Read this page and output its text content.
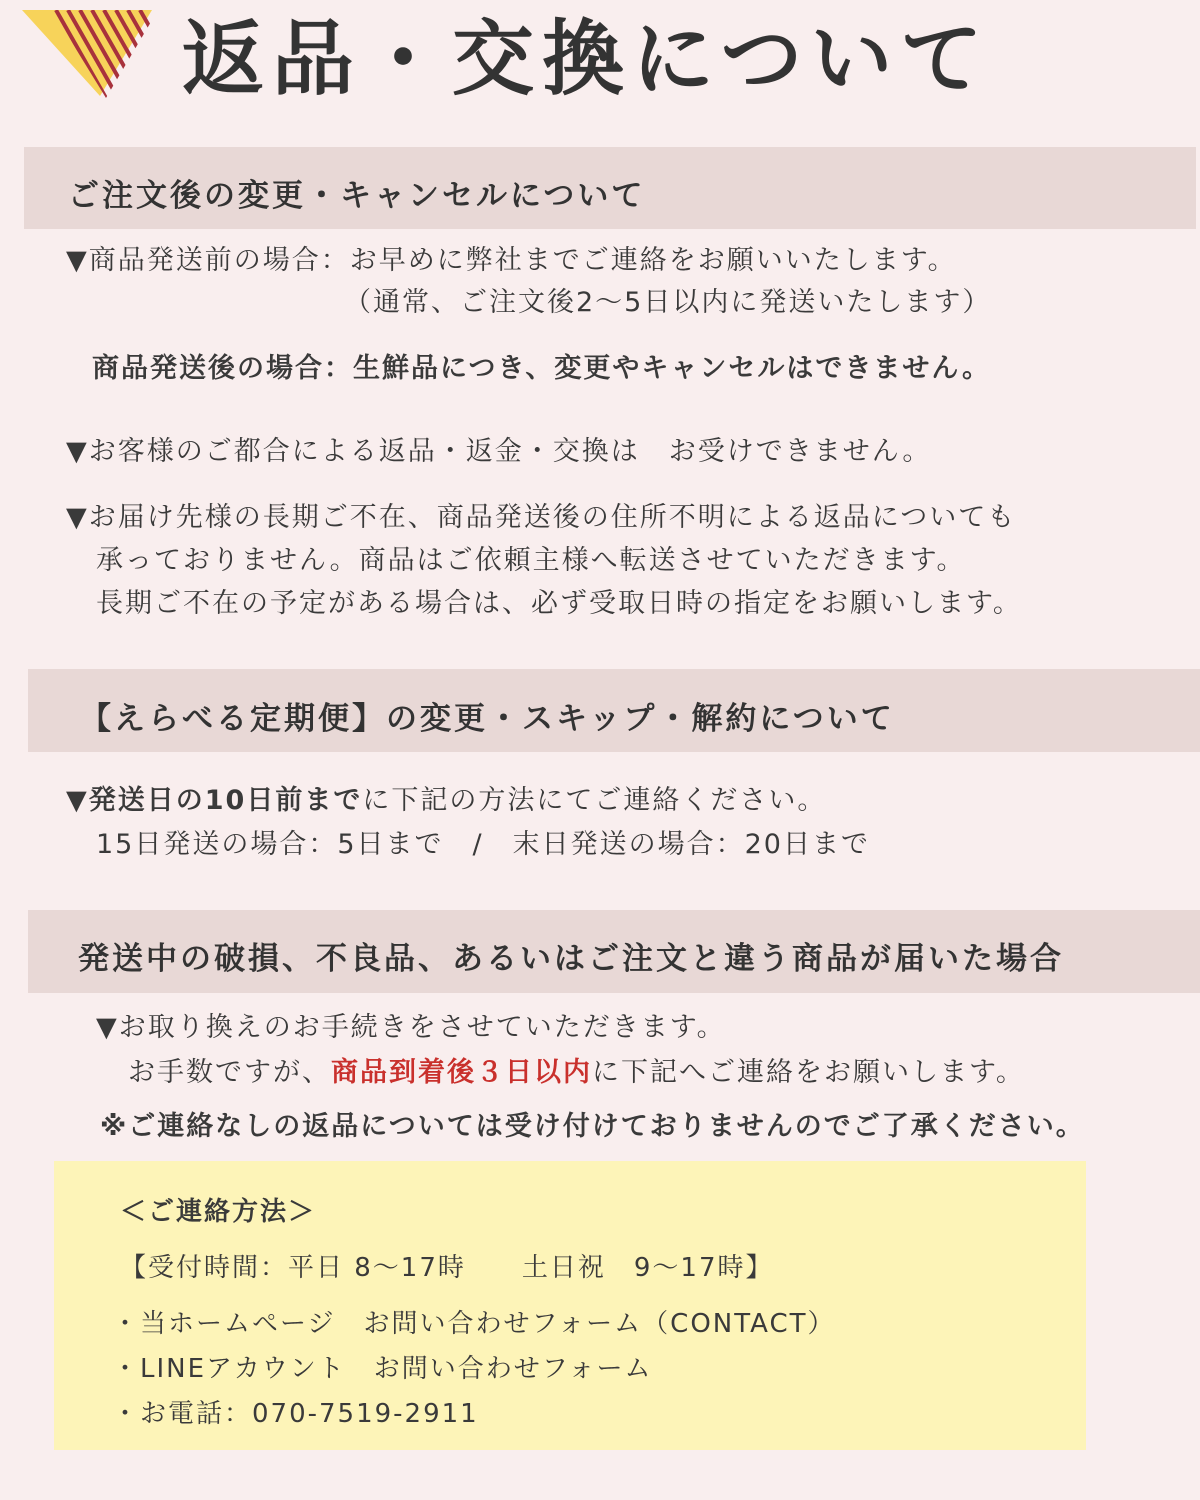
返品・交換について
ご注文後の変更・キャンセルについて
▼商品発送前の場合：お早めに弊社までご連絡をお願いいたします。
（通常、ご注文後2〜5日以内に発送いたします）
商品発送後の場合：生鮮品につき、変更やキャンセルはできません。
▼お客様のご都合による返品・返金・交換は　お受けできません。
▼お届け先様の長期ご不在、商品発送後の住所不明による返品についても
承っておりません。商品はご依頼主様へ転送させていただきます。
長期ご不在の予定がある場合は、必ず受取日時の指定をお願いします。
【えらべる定期便】の変更・スキップ・解約について
▼発送日の10日前までに下記の方法にてご連絡ください。
15日発送の場合：5日まで　/　末日発送の場合：20日まで
発送中の破損、不良品、あるいはご注文と違う商品が届いた場合
▼お取り換えのお手続きをさせていただきます。
お手数ですが、商品到着後３日以内に下記へご連絡をお願いします。
※ご連絡なしの返品については受け付けておりませんのでご了承ください。
＜ご連絡方法＞
【受付時間：平日 8〜17時　　土日祝　9〜17時】
・当ホームページ　お問い合わせフォーム（CONTACT）
・LINEアカウント　お問い合わせフォーム
・お電話：070-7519-2911
